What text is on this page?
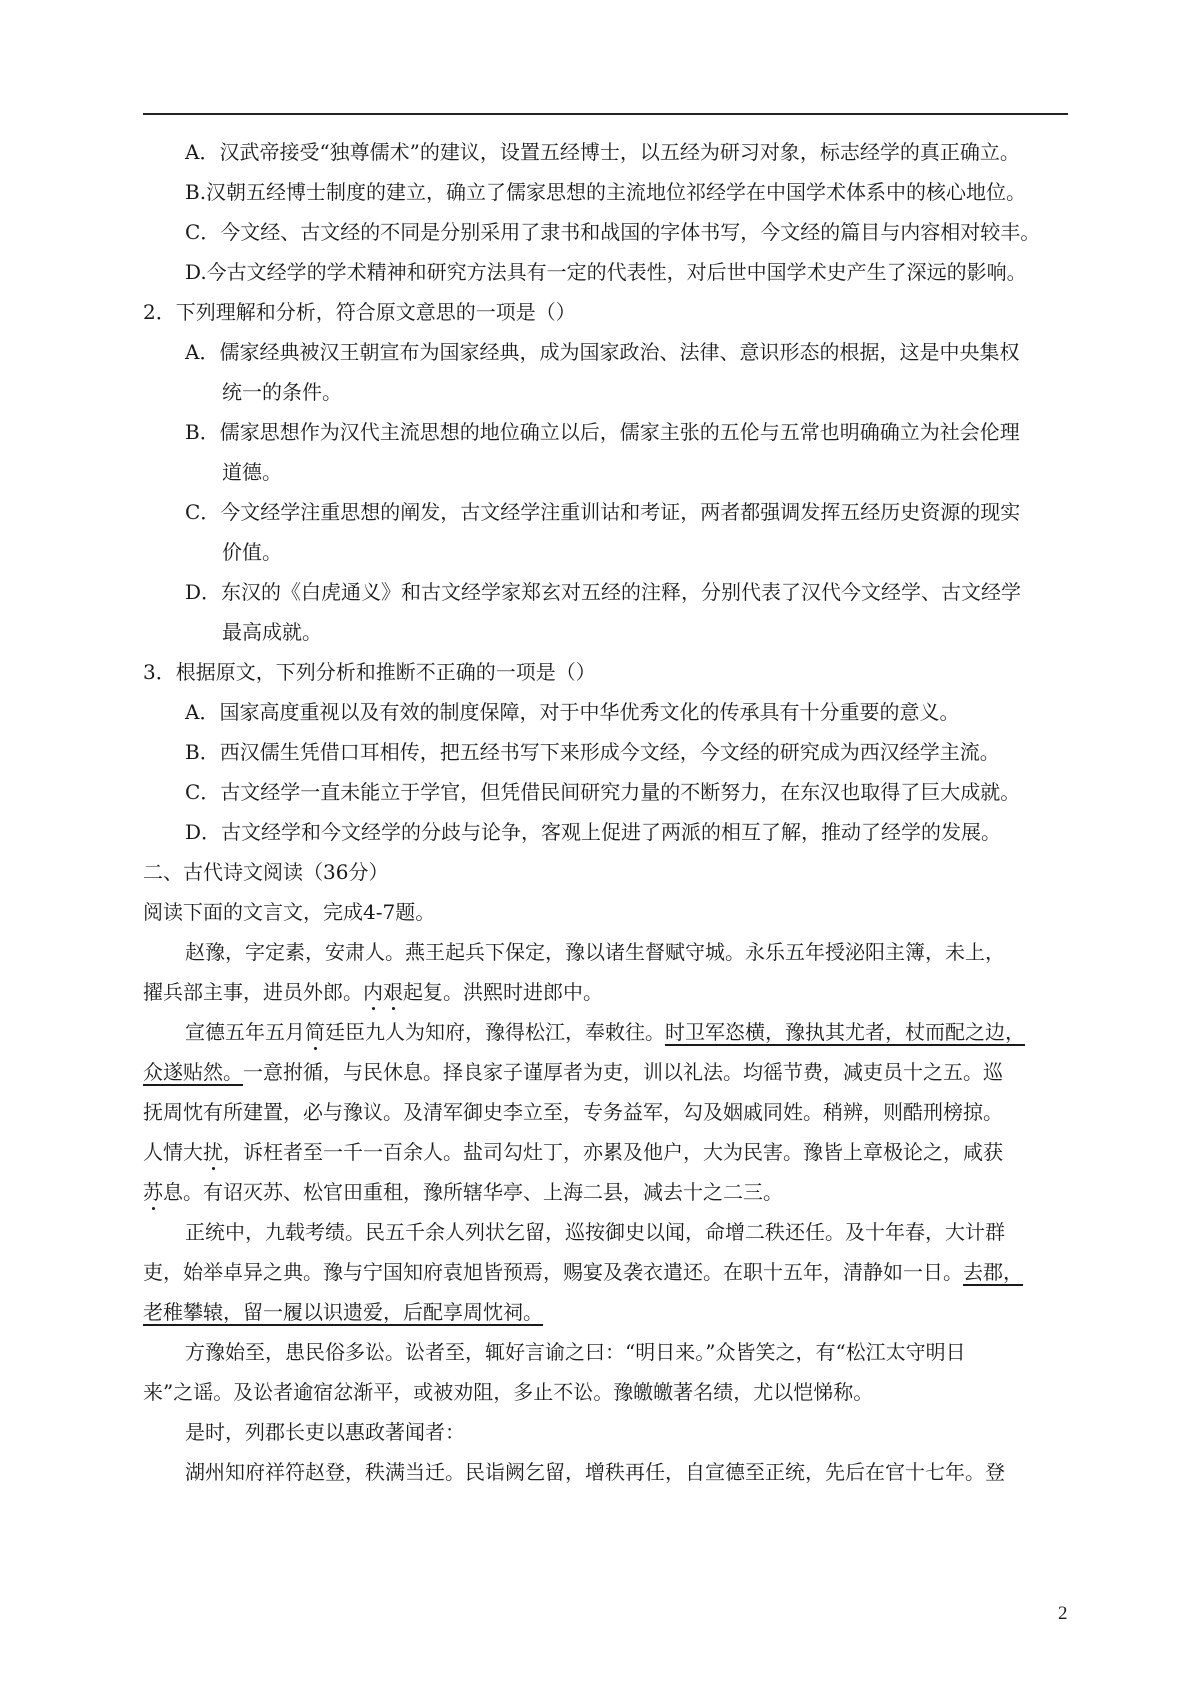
A．汉武帝接受“独尊儒术”的建议，设置五经博士，以五经为研习对象，标志经学的真正确立。
B.汉朝五经博士制度的建立，确立了儒家思想的主流地位祁经学在中国学术体系中的核心地位。
C．今文经、古文经的不同是分别采用了隶书和战国的字体书写，今文经的篇目与内容相对较丰。
D.今古文经学的学术精神和研究方法具有一定的代表性，对后世中国学术史产生了深远的影响。
2．下列理解和分析，符合原文意思的一项是（）
A．儒家经典被汉王朝宣布为国家经典，成为国家政治、法律、意识形态的根据，这是中央集权
统一的条件。
B．儒家思想作为汉代主流思想的地位确立以后，儒家主张的五伦与五常也明确确立为社会伦理
道德。
C．今文经学注重思想的阐发，古文经学注重训诂和考证，两者都强调发挥五经历史资源的现实
价值。
D．东汉的《白虎通义》和古文经学家郑玄对五经的注释，分别代表了汉代今文经学、古文经学
最高成就。
3．根据原文，下列分析和推断不正确的一项是（）
A．国家高度重视以及有效的制度保障，对于中华优秀文化的传承具有十分重要的意义。
B．西汉儒生凭借口耳相传，把五经书写下来形成今文经，今文经的研究成为西汉经学主流。
C．古文经学一直未能立于学官，但凭借民间研究力量的不断努力，在东汉也取得了巨大成就。
D．古文经学和今文经学的分歧与论争，客观上促进了两派的相互了解，推动了经学的发展。
二、古代诗文阅读（36分）
阅读下面的文言文，完成4-7题。
赵豫，字定素，安肃人。燕王起兵下保定，豫以诸生督赋守城。永乐五年授泌阳主簿，未上，
擢兵部主事，进员外郎。内艰起复。洪熙时进郎中。
宣德五年五月简廷臣九人为知府，豫得松江，奉敕往。时卫军恣横，豫执其尤者，杖而配之边，
众遂贴然。一意拊循，与民休息。择良家子谨厚者为吏，训以礼法。均徭节费，减吏员十之五。巡
抚周忱有所建置，必与豫议。及清军御史李立至，专务益军，勾及姻戚同姓。稍辨，则酷刑榜掠。
人情大扰，诉枉者至一千一百余人。盐司勾灶丁，亦累及他户，大为民害。豫皆上章极论之，咸获
苏息。有诏灭苏、松官田重租，豫所辖华亭、上海二县，减去十之二三。
正统中，九载考绩。民五千余人列状乞留，巡按御史以闻，命增二秩还任。及十年春，大计群
吏，始举卓异之典。豫与宁国知府袁旭皆预焉，赐宴及袭衣遣还。在职十五年，清静如一日。去郡，
老稚攀辕，留一履以识遗爱，后配享周忱祠。
方豫始至，患民俗多讼。讼者至，辄好言谕之曰：“明日来。”众皆笑之，有“松江太守明日
来”之谣。及讼者逾宿忿渐平，或被劝阻，多止不讼。豫皦皦著名绩，尤以恺悌称。
是时，列郡长吏以惠政著闻者：
湖州知府祥符赵登，秩满当迁。民诣阙乞留，增秩再任，自宣德至正统，先后在官十七年。登
2
